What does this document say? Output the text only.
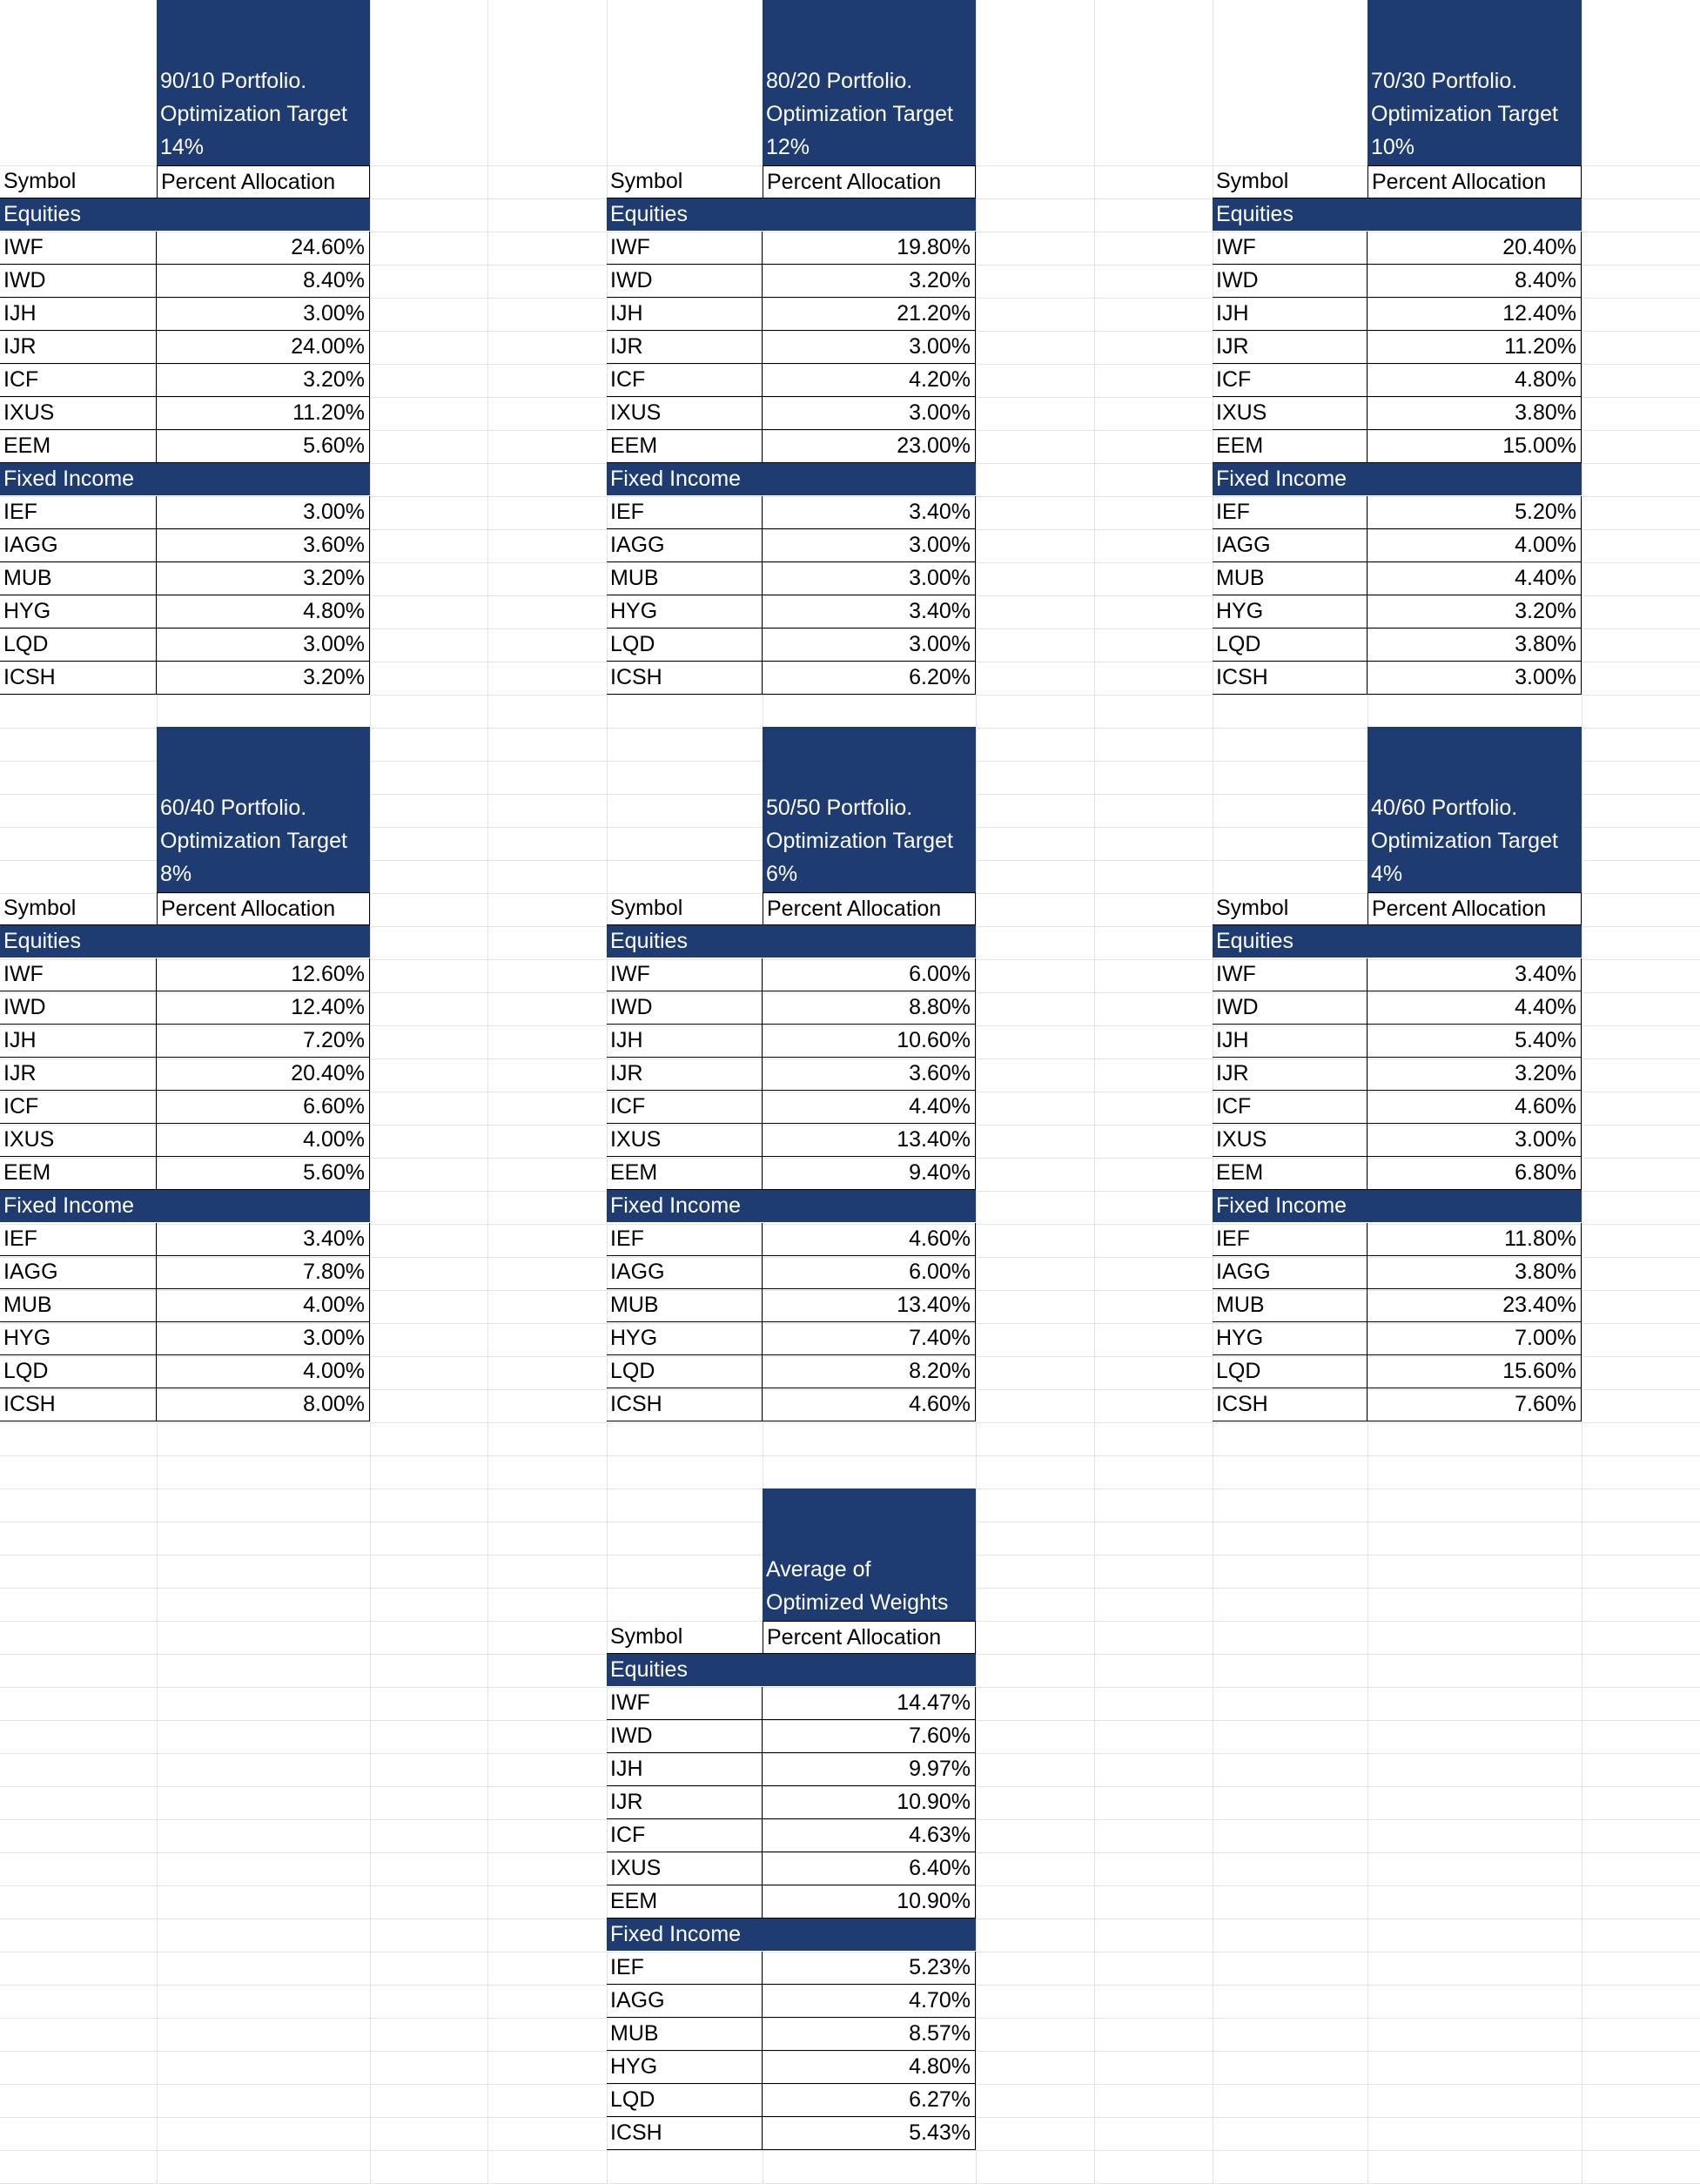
90/10 Portfolio.
Optimization Target
14%
Symbol	Percent Allocation
Equities
IWF	24.60%
IWD	8.40%
IJH	3.00%
IJR	24.00%
ICF	3.20%
IXUS	11.20%
EEM	5.60%
Fixed Income
IEF	3.00%
IAGG	3.60%
MUB	3.20%
HYG	4.80%
LQD	3.00%
ICSH	3.20%
80/20 Portfolio.
Optimization Target
12%
Symbol	Percent Allocation
Equities
IWF	19.80%
IWD	3.20%
IJH	21.20%
IJR	3.00%
ICF	4.20%
IXUS	3.00%
EEM	23.00%
Fixed Income
IEF	3.40%
IAGG	3.00%
MUB	3.00%
HYG	3.40%
LQD	3.00%
ICSH	6.20%
70/30 Portfolio.
Optimization Target
10%
Symbol	Percent Allocation
Equities
IWF	20.40%
IWD	8.40%
IJH	12.40%
IJR	11.20%
ICF	4.80%
IXUS	3.80%
EEM	15.00%
Fixed Income
IEF	5.20%
IAGG	4.00%
MUB	4.40%
HYG	3.20%
LQD	3.80%
ICSH	3.00%
60/40 Portfolio.
Optimization Target
8%
Symbol	Percent Allocation
Equities
IWF	12.60%
IWD	12.40%
IJH	7.20%
IJR	20.40%
ICF	6.60%
IXUS	4.00%
EEM	5.60%
Fixed Income
IEF	3.40%
IAGG	7.80%
MUB	4.00%
HYG	3.00%
LQD	4.00%
ICSH	8.00%
50/50 Portfolio.
Optimization Target
6%
Symbol	Percent Allocation
Equities
IWF	6.00%
IWD	8.80%
IJH	10.60%
IJR	3.60%
ICF	4.40%
IXUS	13.40%
EEM	9.40%
Fixed Income
IEF	4.60%
IAGG	6.00%
MUB	13.40%
HYG	7.40%
LQD	8.20%
ICSH	4.60%
40/60 Portfolio.
Optimization Target
4%
Symbol	Percent Allocation
Equities
IWF	3.40%
IWD	4.40%
IJH	5.40%
IJR	3.20%
ICF	4.60%
IXUS	3.00%
EEM	6.80%
Fixed Income
IEF	11.80%
IAGG	3.80%
MUB	23.40%
HYG	7.00%
LQD	15.60%
ICSH	7.60%
Average of
Optimized Weights
Symbol	Percent Allocation
Equities
IWF	14.47%
IWD	7.60%
IJH	9.97%
IJR	10.90%
ICF	4.63%
IXUS	6.40%
EEM	10.90%
Fixed Income
IEF	5.23%
IAGG	4.70%
MUB	8.57%
HYG	4.80%
LQD	6.27%
ICSH	5.43%
